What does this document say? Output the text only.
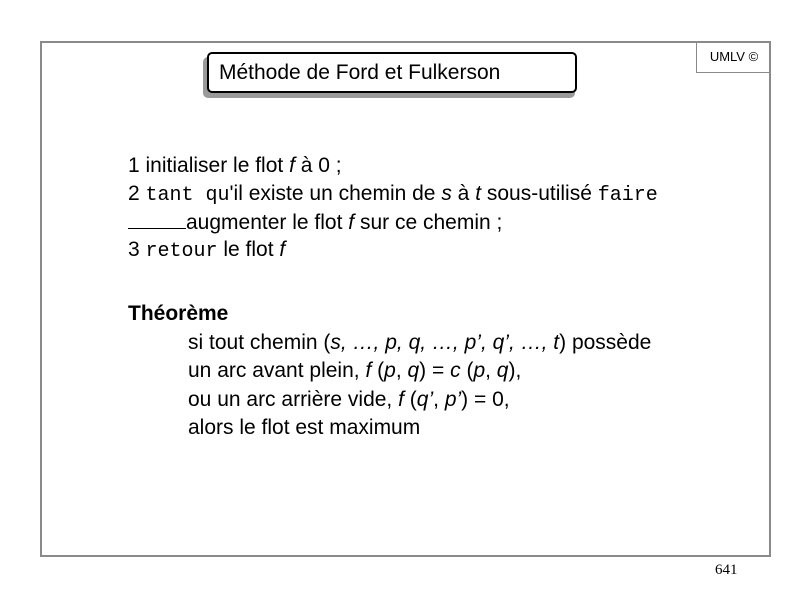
Méthode de Ford et Fulkerson
UMLV ©
1 initialiser le flot f à 0 ;
2 tant qu'il existe un chemin de s à t sous-utilisé faire
augmenter le flot f sur ce chemin ;
3 retour le flot f
Théorème
si tout chemin (s, …, p, q, …, p’, q’, …, t) possède
un arc avant plein, f (p, q) = c (p, q),
ou un arc arrière vide, f (q’, p’) = 0,
alors le flot est maximum
641
